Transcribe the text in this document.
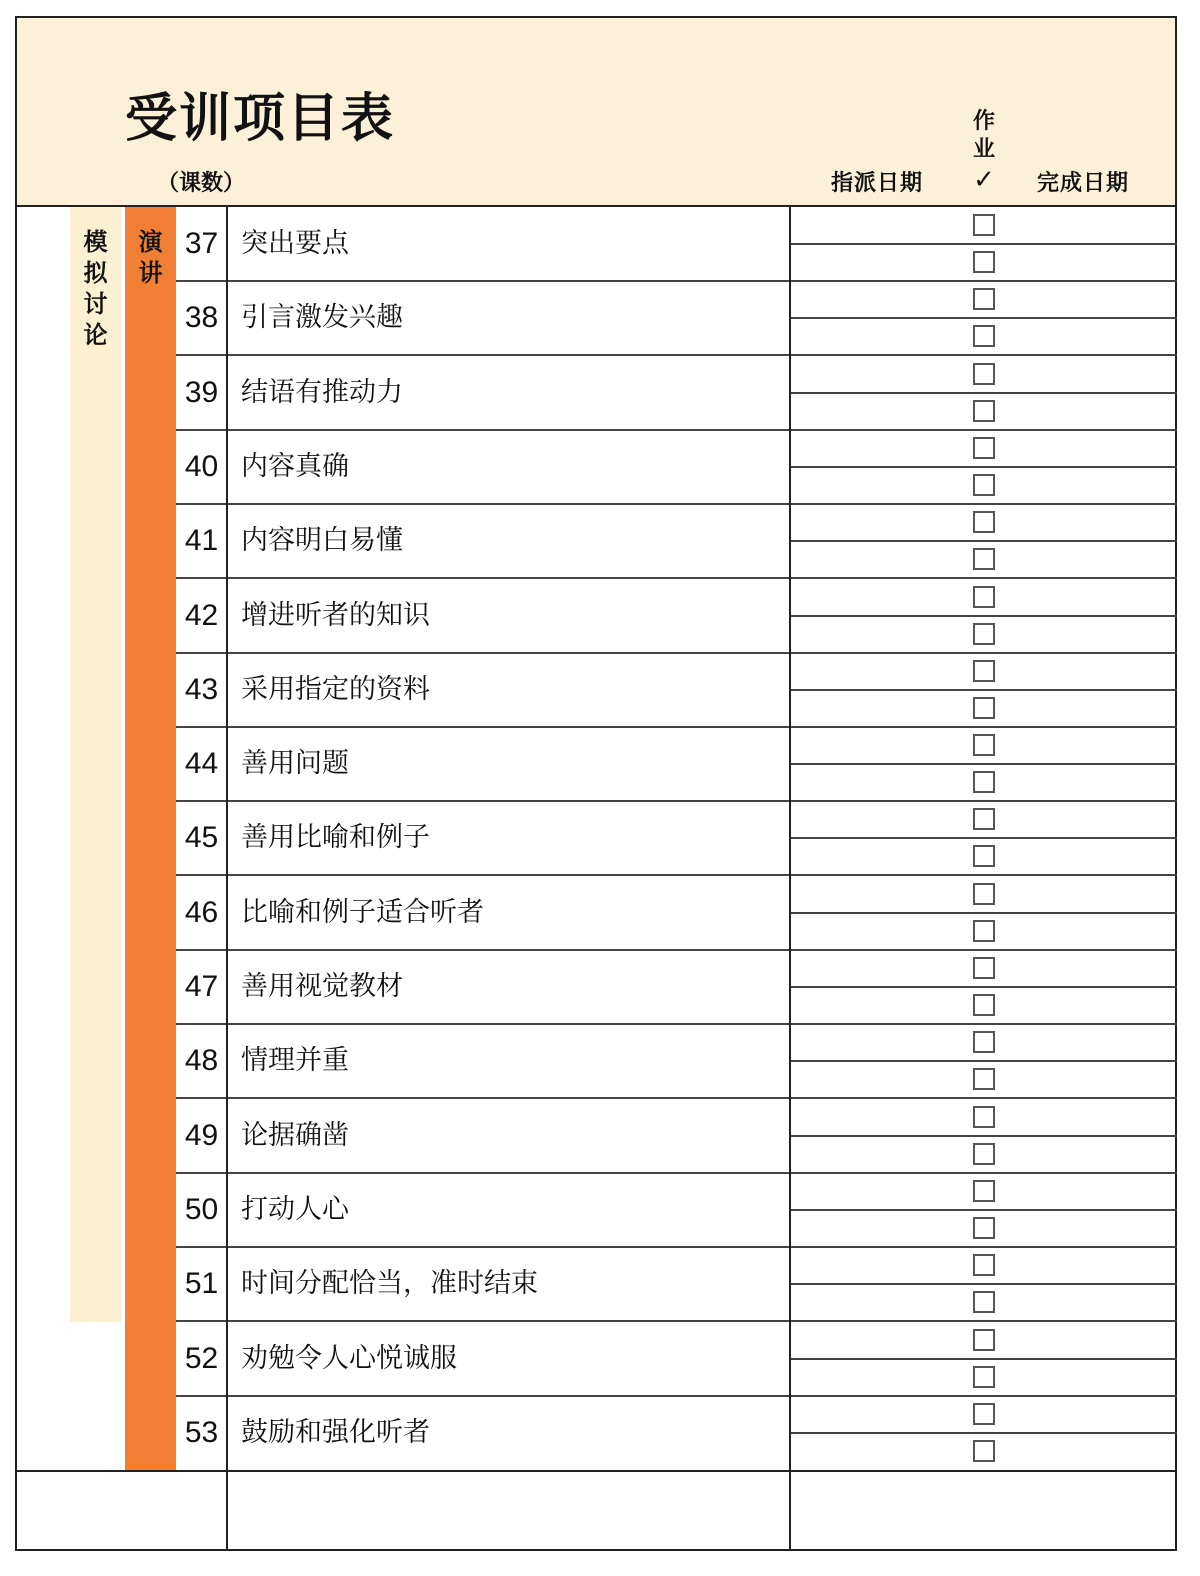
受训项目表
（课数）	指派日期
作
业
✓ 完成日期
模
拟
讨
论
演
讲
37 突出要点
38 引言激发兴趣
39 结语有推动力
40 内容真确
41 内容明白易懂
42 增进听者的知识
43 采用指定的资料
44 善用问题
45 善用比喻和例子
46 比喻和例子适合听者
47 善用视觉教材
48 情理并重
49 论据确凿
50 打动人心
51 时间分配恰当，准时结束
52 劝勉令人心悦诚服
53 鼓励和强化听者
